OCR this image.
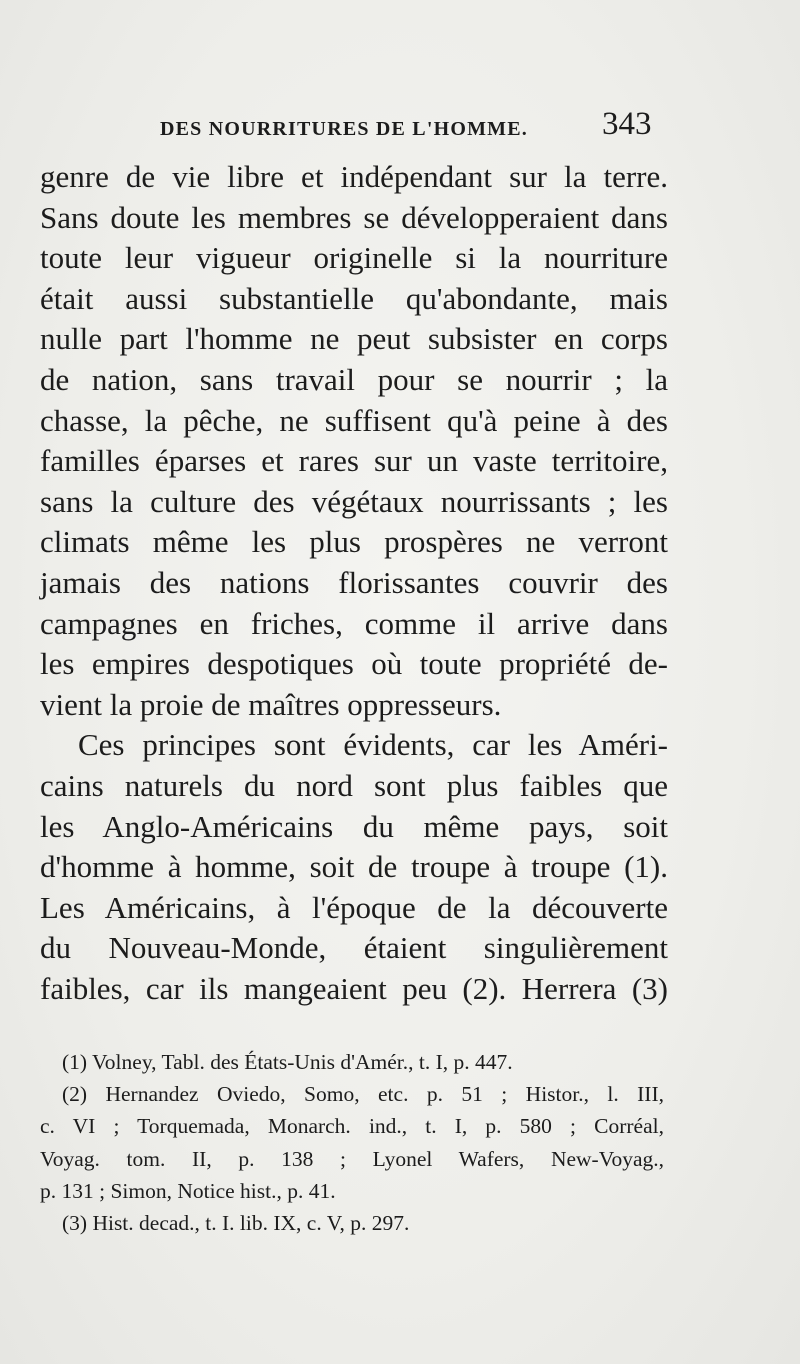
DES NOURRITURES DE L'HOMME. 343
genre de vie libre et indépendant sur la terre.
Sans doute les membres se développeraient dans
toute leur vigueur originelle si la nourriture
était aussi substantielle qu'abondante, mais
nulle part l'homme ne peut subsister en corps
de nation, sans travail pour se nourrir ; la
chasse, la pêche, ne suffisent qu'à peine à des
familles éparses et rares sur un vaste territoire,
sans la culture des végétaux nourrissants ; les
climats même les plus prospères ne verront
jamais des nations florissantes couvrir des
campagnes en friches, comme il arrive dans
les empires despotiques où toute propriété de-
vient la proie de maîtres oppresseurs.
Ces principes sont évidents, car les Améri-
cains naturels du nord sont plus faibles que
les Anglo-Américains du même pays, soit
d'homme à homme, soit de troupe à troupe (1).
Les Américains, à l'époque de la découverte
du Nouveau-Monde, étaient singulièrement
faibles, car ils mangeaient peu (2). Herrera (3)
(1) Volney, Tabl. des États-Unis d'Amér., t. I, p. 447.
(2) Hernandez Oviedo, Somo, etc. p. 51 ; Histor., l. III,
c. VI ; Torquemada, Monarch. ind., t. I, p. 580 ; Corréal,
Voyag. tom. II, p. 138 ; Lyonel Wafers, New-Voyag.,
p. 131 ; Simon, Notice hist., p. 41.
(3) Hist. decad., t. I. lib. IX, c. V, p. 297.
